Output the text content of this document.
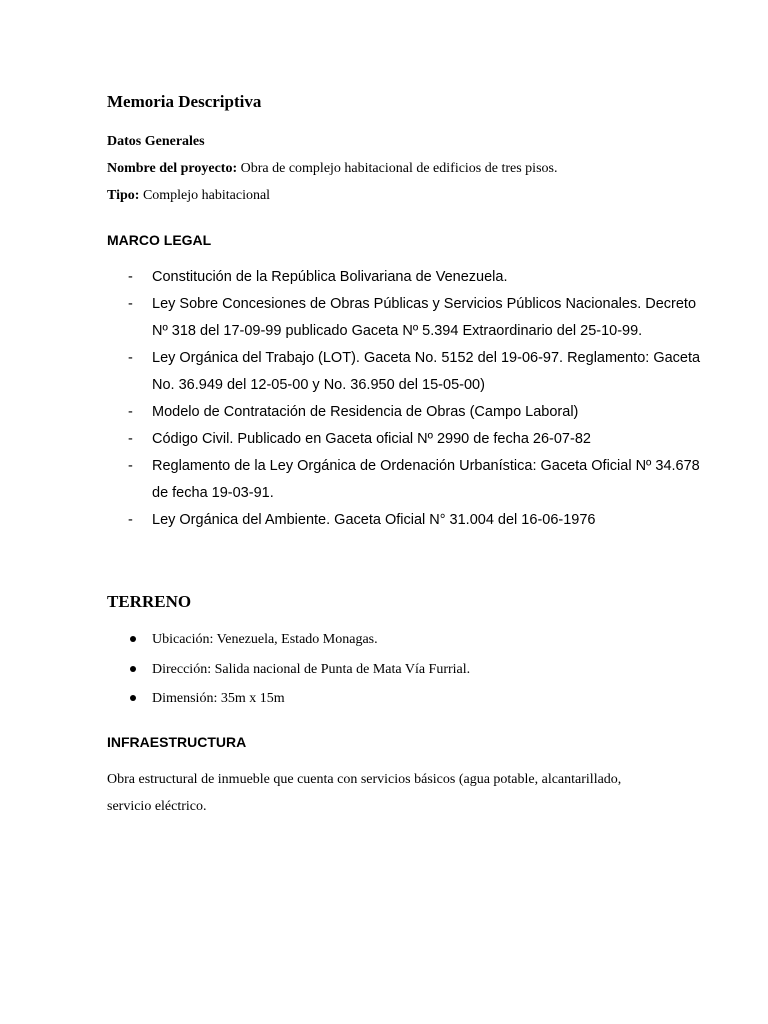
Memoria Descriptiva

Datos Generales

Nombre del proyecto: Obra de complejo habitacional de edificios de tres pisos.

Tipo: Complejo habitacional

MARCO LEGAL
- Constitución de la República Bolivariana de Venezuela.
- Ley Sobre Concesiones de Obras Públicas y Servicios Públicos Nacionales. Decreto Nº 318 del 17-09-99 publicado Gaceta Nº 5.394 Extraordinario del 25-10-99.
- Ley Orgánica del Trabajo (LOT). Gaceta No. 5152 del 19-06-97. Reglamento: Gaceta No. 36.949 del 12-05-00 y No. 36.950 del 15-05-00)
- Modelo de Contratación de Residencia de Obras (Campo Laboral)
- Código Civil. Publicado en Gaceta oficial Nº 2990 de fecha 26-07-82
- Reglamento de la Ley Orgánica de Ordenación Urbanística: Gaceta Oficial Nº 34.678 de fecha 19-03-91.
- Ley Orgánica del Ambiente. Gaceta Oficial N° 31.004 del 16-06-1976
TERRENO
Ubicación: Venezuela, Estado Monagas.
Dirección: Salida nacional de Punta de Mata Vía Furrial.
Dimensión: 35m x 15m
INFRAESTRUCTURA

Obra estructural de inmueble que cuenta con servicios básicos (agua potable, alcantarillado, servicio eléctrico.
